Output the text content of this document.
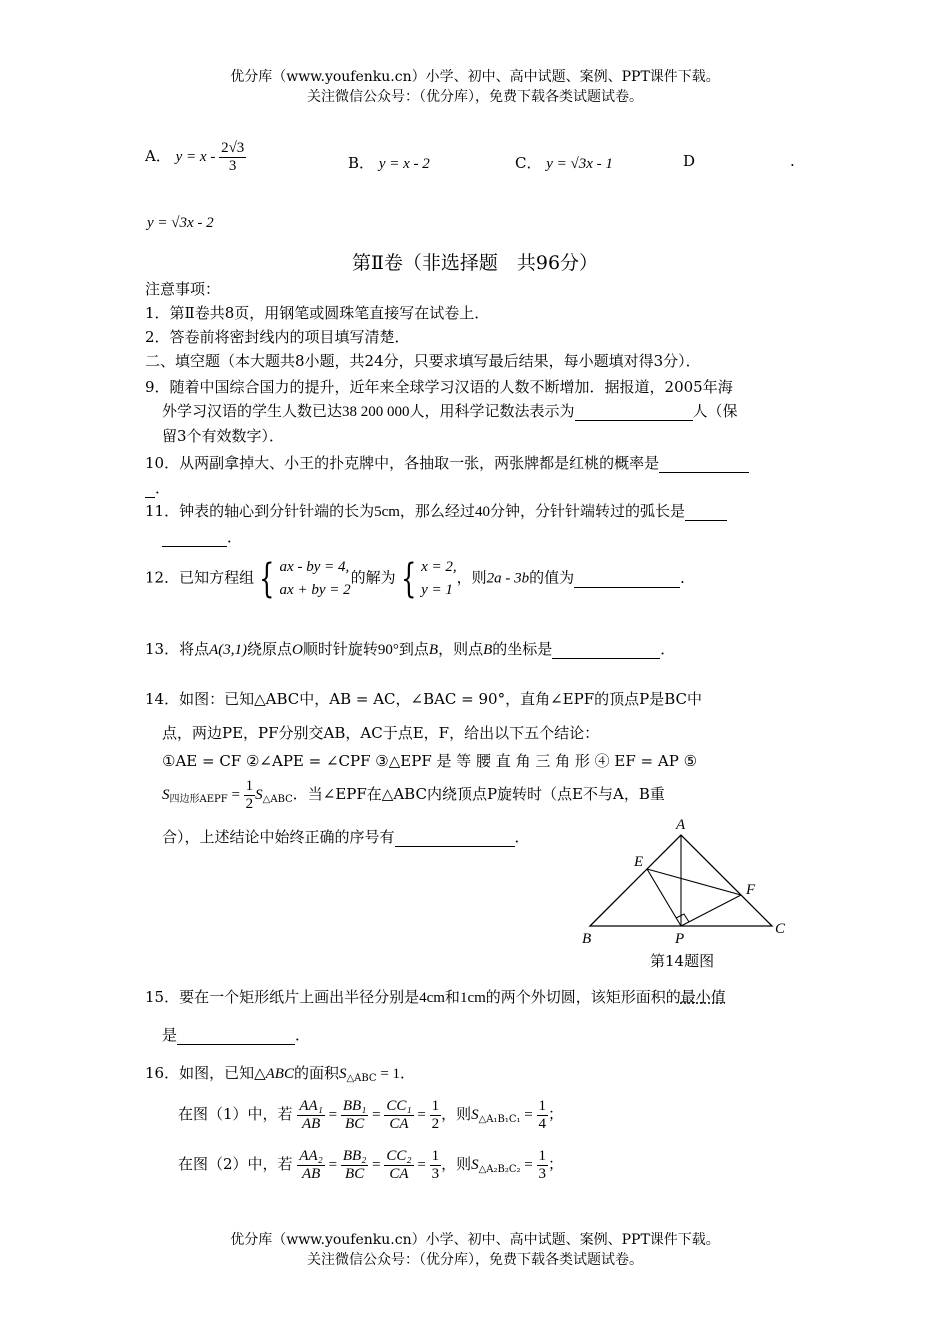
优分库（www.youfenku.cn）小学、初中、高中试题、案例、PPT课件下载。
关注微信公众号：（优分库），免费下载各类试题试卷。
A． $y = x - \frac{2√3}{3}$	B． y = x - 2	C． y = √3x - 1	D	.
y = √3x - 2
第Ⅱ卷（非选择题　共96分）
注意事项：
1．第Ⅱ卷共8页，用钢笔或圆珠笔直接写在试卷上．
2．答卷前将密封线内的项目填写清楚．
二、填空题（本大题共8小题，共24分，只要求填写最后结果，每小题填对得3分）．
9．随着中国综合国力的提升，近年来全球学习汉语的人数不断增加．据报道，2005年海
外学习汉语的学生人数已达38 200 000人，用科学记数法表示为	人（保
留3个有效数字）．
10．从两副拿掉大、小王的扑克牌中，各抽取一张，两张牌都是红桃的概率是
．
11．钟表的轴心到分针针端的长为5cm，那么经过40分钟，分针针端转过的弧长是
．
12．已知方程组 { ax - by = 4,
ax + by = 2
的解为 { x = 2,
y = 1
，则2a - 3b的值为	．
13．将点A(3,1)绕原点O顺时针旋转90°到点B，则点B的坐标是	．
14．如图：已知△ABC中，AB = AC，∠BAC = 90°，直角∠EPF的顶点P是BC中
点，两边PE，PF分别交AB，AC于点E，F，给出以下五个结论：
①AE = CF ②∠APE = ∠CPF ③△EPF 是 等 腰 直 角 三 角 形 ④ EF = AP ⑤
$S_{四边形AEPF} = \frac{1}{2} S_{\triangle ABC}$．当∠EPF在△ABC内绕顶点P旋转时（点E不与A，B重
合），上述结论中始终正确的序号有	．
A
B
C
E
F
P
第14题图
15．要在一个矩形纸片上画出半径分别是4cm和1cm的两个外切圆，该矩形面积的最小值
是	．
16．如图，已知△ABC的面积$S_{\triangle ABC} = 1$．
在图（1）中，若 $\frac{\text{AA₁}}{AB} = \frac{\text{BB₁}}{BC} = \frac{\text{CC₁}}{CA} = \frac{1}{2}$ ，则$S_{\triangle A_1B_1C_1} = \frac{1}{4}$ ；
在图（2）中，若 $\frac{\text{AA₂}}{AB} = \frac{\text{BB₂}}{BC} = \frac{\text{CC₂}}{CA} = \frac{1}{3}$ ，则$S_{\triangle A_2B_2C_2} = \frac{1}{3}$ ；
优分库（www.youfenku.cn）小学、初中、高中试题、案例、PPT课件下载。
关注微信公众号：（优分库），免费下载各类试题试卷。
